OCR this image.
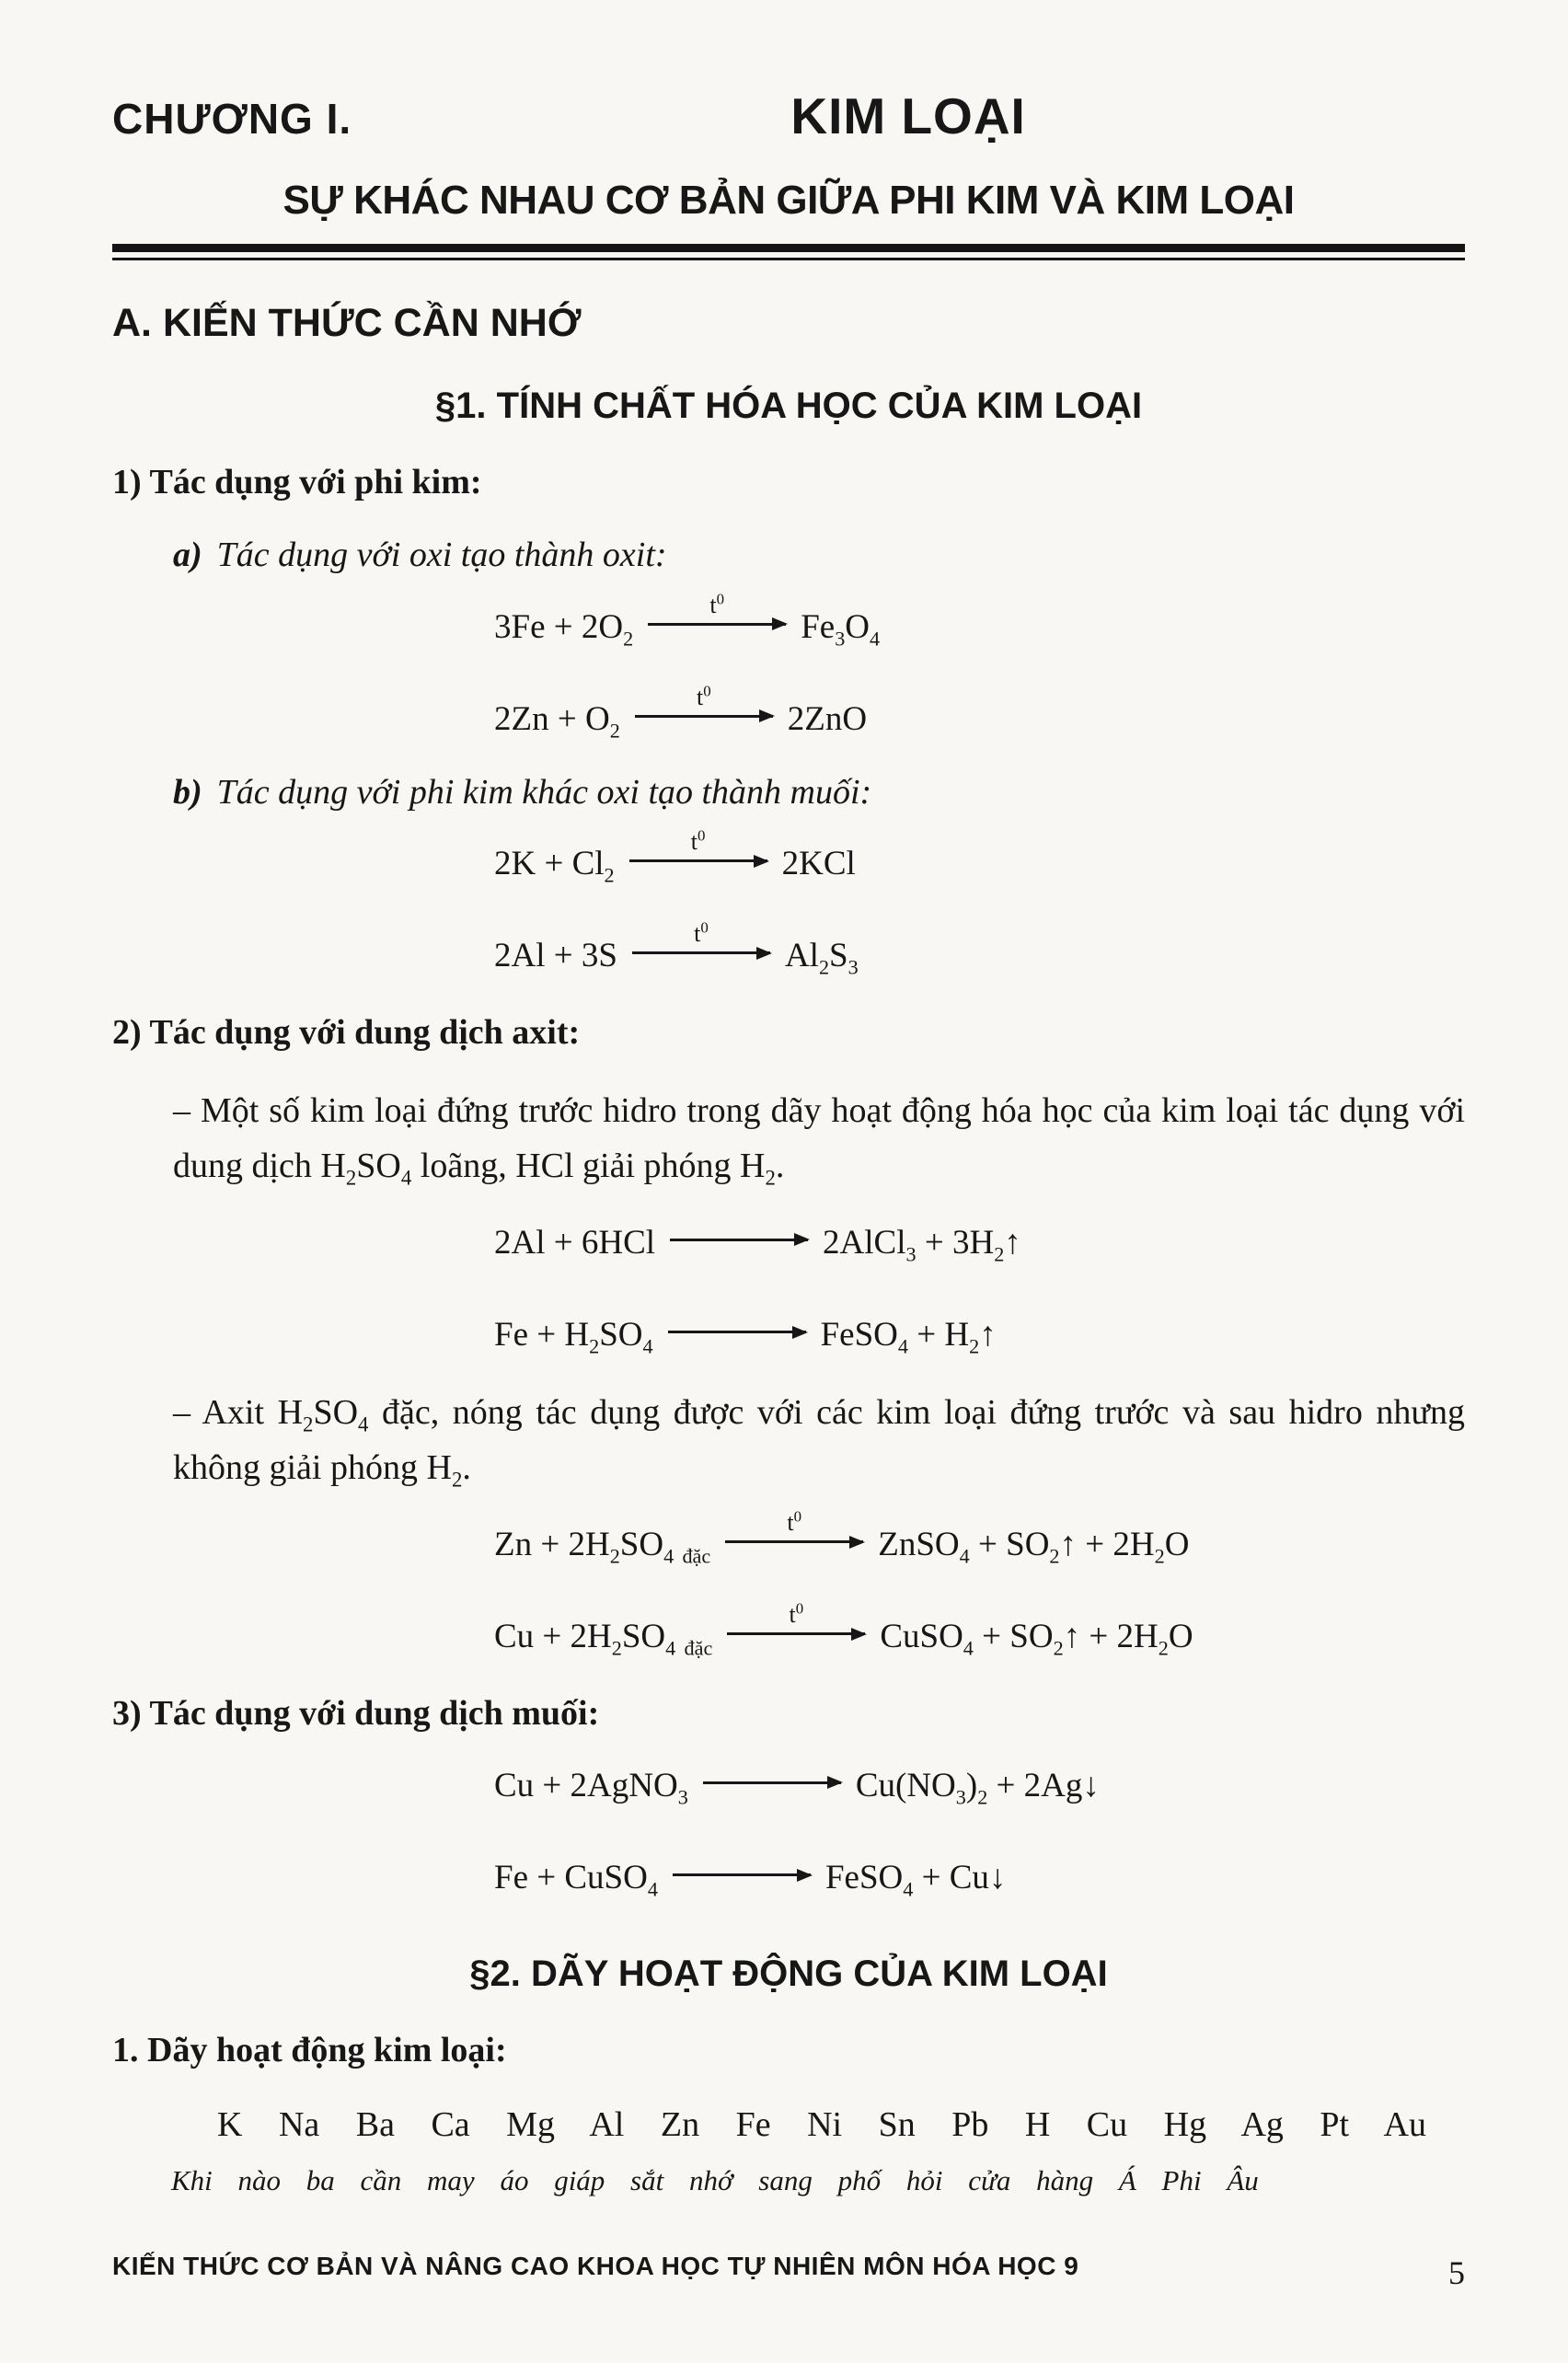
CHƯƠNG I.	KIM LOẠI
SỰ KHÁC NHAU CƠ BẢN GIỮA PHI KIM VÀ KIM LOẠI
A. KIẾN THỨC CẦN NHỚ
§1. TÍNH CHẤT HÓA HỌC CỦA KIM LOẠI

1) Tác dụng với phi kim:

a) Tác dụng với oxi tạo thành oxit:

$3Fe + 2O_2$
$t^0$
$Fe_3O_4$
$2Zn + O_2$
$t^0$
2ZnO

b) Tác dụng với phi kim khác oxi tạo thành muối:

$2K + Cl_2$
$t^0$
2KCl
2Al + 3S
$t^0$
$Al_2S_3$

2) Tác dụng với dung dịch axit:

– Một số kim loại đứng trước hidro trong dãy hoạt động hóa học của kim loại tác dụng với dung dịch $H_2SO_4$ loãng, HCl giải phóng $H_2$.

2Al + 6HCl	2AlCl$_3$ + $3H_2↑$
$Fe + H_2SO_4$	FeSO$_4$ + $H_2↑$

– Axit $H_2SO_4$ đặc, nóng tác dụng được với các kim loại đứng trước và sau hidro nhưng không giải phóng $H_2$.

$Zn + 2H_2SO_4$ $_{đặc}$
$t^0$
ZnSO$_4$ + $SO_2↑ + 2H_2O$
$Cu + 2H_2SO_4$ $_{đặc}$
$t^0$
CuSO$_4$ + $SO_2↑ + 2H_2O$

3) Tác dụng với dung dịch muối:

Cu + 2AgNO$_3$	$Cu(NO_3)_2$ + 2Ag↓
Fe + CuSO$_4$	FeSO$_4$ + Cu↓
§2. DÃY HOẠT ĐỘNG CỦA KIM LOẠI

1. Dãy hoạt động kim loại:

K Na Ba Ca Mg Al Zn Fe Ni Sn Pb H Cu Hg Ag Pt Au
Khi nào ba cần may áo giáp sắt nhớ sang phố hỏi cửa hàng Á Phi Âu
KIẾN THỨC CƠ BẢN VÀ NÂNG CAO KHOA HỌC TỰ NHIÊN MÔN HÓA HỌC 9	5
